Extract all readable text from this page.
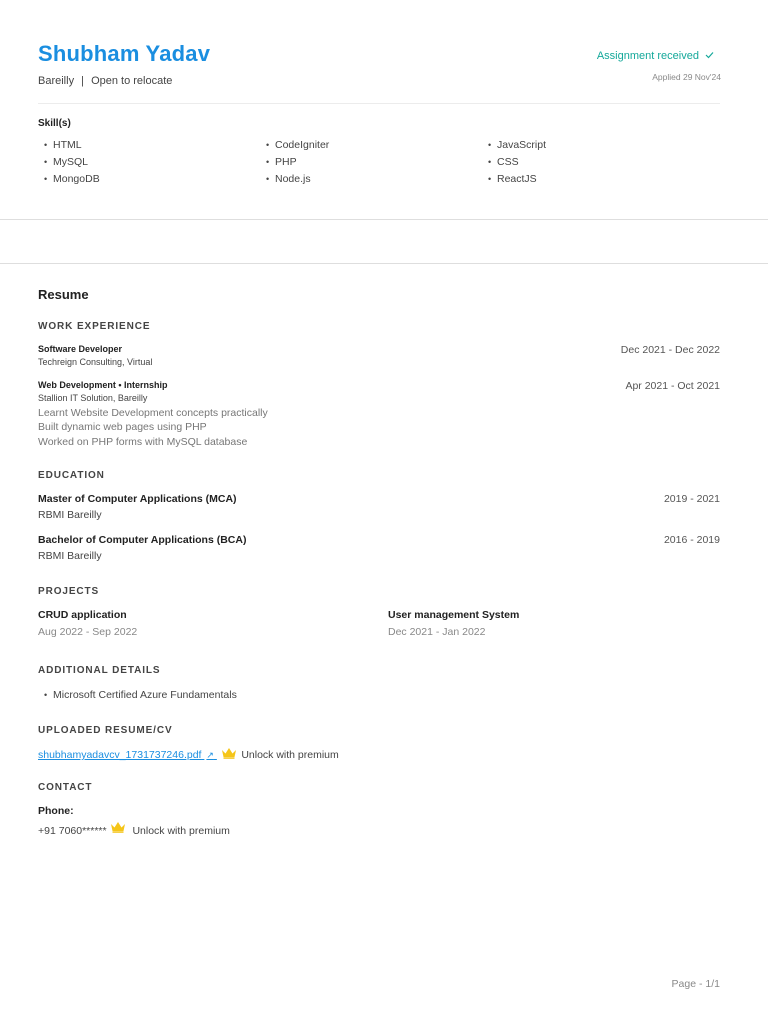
Shubham Yadav
Bareilly | Open to relocate
Assignment received
Applied 29 Nov'24
Skill(s)
• HTML
• MySQL
• MongoDB
• CodeIgniter
• PHP
• Node.js
• JavaScript
• CSS
• ReactJS
Resume
WORK EXPERIENCE
Software Developer
Techreign Consulting, Virtual
Dec 2021 - Dec 2022
Web Development • Internship
Stallion IT Solution, Bareilly
Apr 2021 - Oct 2021
Learnt Website Development concepts practically
Built dynamic web pages using PHP
Worked on PHP forms with MySQL database
EDUCATION
Master of Computer Applications (MCA)
RBMI Bareilly
2019 - 2021
Bachelor of Computer Applications (BCA)
RBMI Bareilly
2016 - 2019
PROJECTS
CRUD application
Aug 2022 - Sep 2022
User management System
Dec 2021 - Jan 2022
ADDITIONAL DETAILS
• Microsoft Certified Azure Fundamentals
UPLOADED RESUME/CV
shubhamyadavcv_1731737246.pdf ↗	Unlock with premium
CONTACT
Phone:
+91 7060****** Unlock with premium
Page - 1/1
